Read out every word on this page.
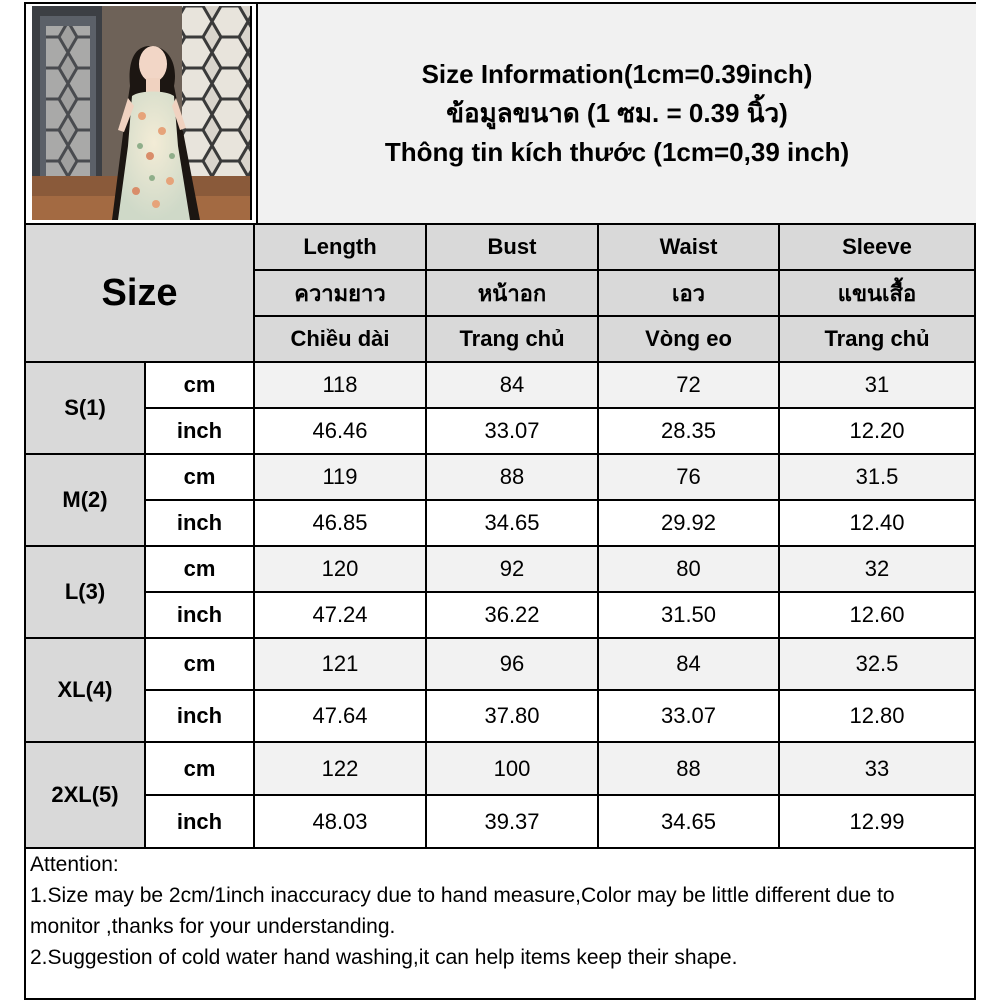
Size Information(1cm=0.39inch)
ข้อมูลขนาด (1 ซม. = 0.39 นิ้ว)
Thông tin kích thước (1cm=0,39 inch)
Size		Length	Bust	Waist	Sleeve
		ความยาว	หน้าอก	เอว	แขนเสื้อ
		Chiều dài	Trang chủ	Vòng eo	Trang chủ
S(1)	cm	118	84	72	31
	inch	46.46	33.07	28.35	12.20
M(2)	cm	119	88	76	31.5
	inch	46.85	34.65	29.92	12.40
L(3)	cm	120	92	80	32
	inch	47.24	36.22	31.50	12.60
XL(4)	cm	121	96	84	32.5
	inch	47.64	37.80	33.07	12.80
2XL(5)	cm	122	100	88	33
	inch	48.03	39.37	34.65	12.99
Attention:
1.Size may be 2cm/1inch inaccuracy due to hand measure,Color may be little different due to monitor ,thanks for your understanding.
2.Suggestion of cold water hand washing,it can help items keep their shape.
